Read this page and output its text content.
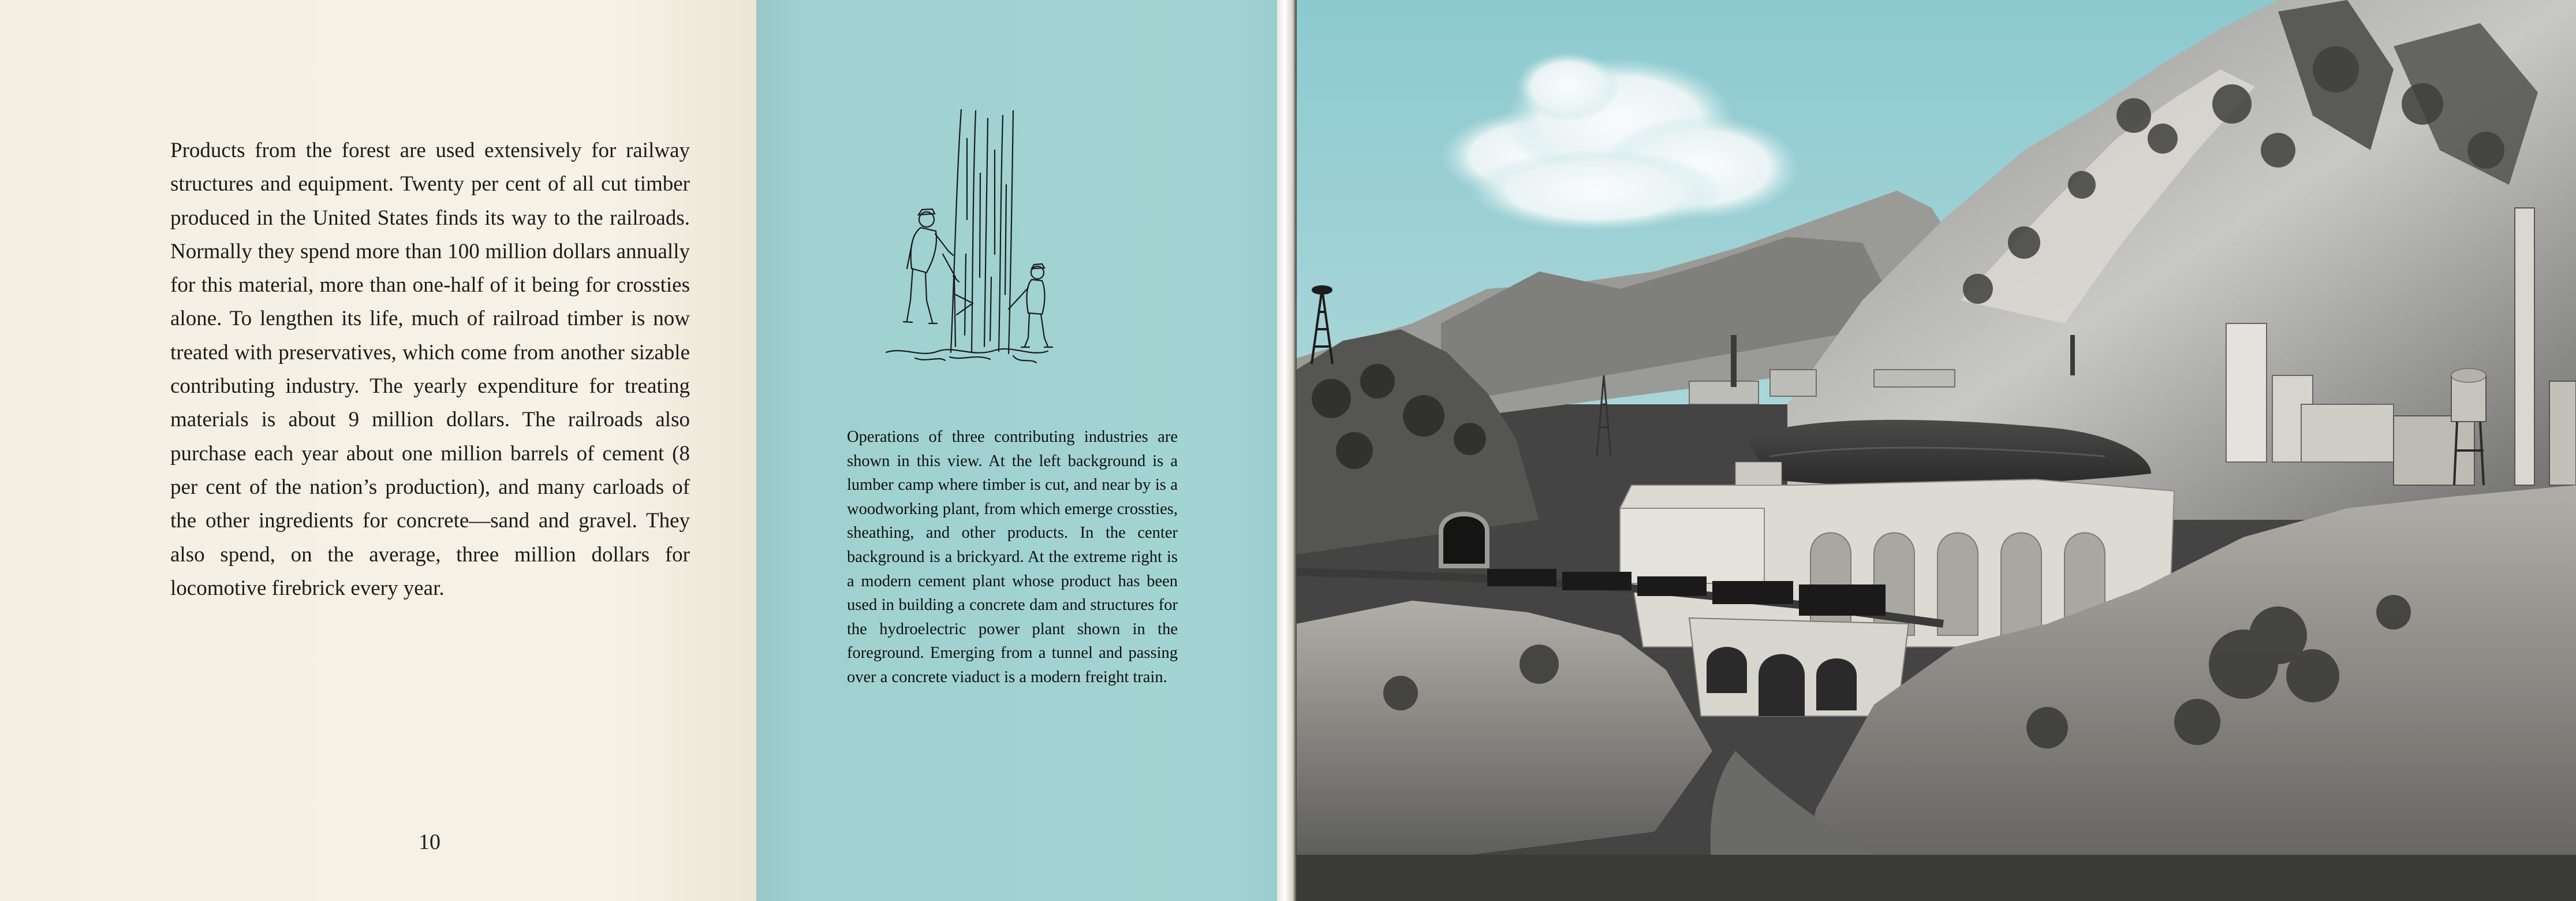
Products from the forest are used extensively for railway structures and equipment. Twenty per cent of all cut timber produced in the United States finds its way to the railroads. Normally they spend more than 100 million dollars annually for this material, more than one-half of it being for crossties alone. To lengthen its life, much of railroad timber is now treated with preservatives, which come from another sizable contributing industry. The yearly expenditure for treating materials is about 9 million dollars. The railroads also purchase each year about one million barrels of cement (8 per cent of the nation’s production), and many carloads of the other ingredients for concrete—sand and gravel. They also spend, on the average, three million dollars for locomotive firebrick every year.

10

Operations of three contributing industries are shown in this view. At the left background is a lumber camp where timber is cut, and near by is a woodworking plant, from which emerge crossties, sheathing, and other products. In the center background is a brickyard. At the extreme right is a modern cement plant whose product has been used in building a concrete dam and structures for the hydroelectric power plant shown in the foreground. Emerging from a tunnel and passing over a concrete viaduct is a modern freight train.
